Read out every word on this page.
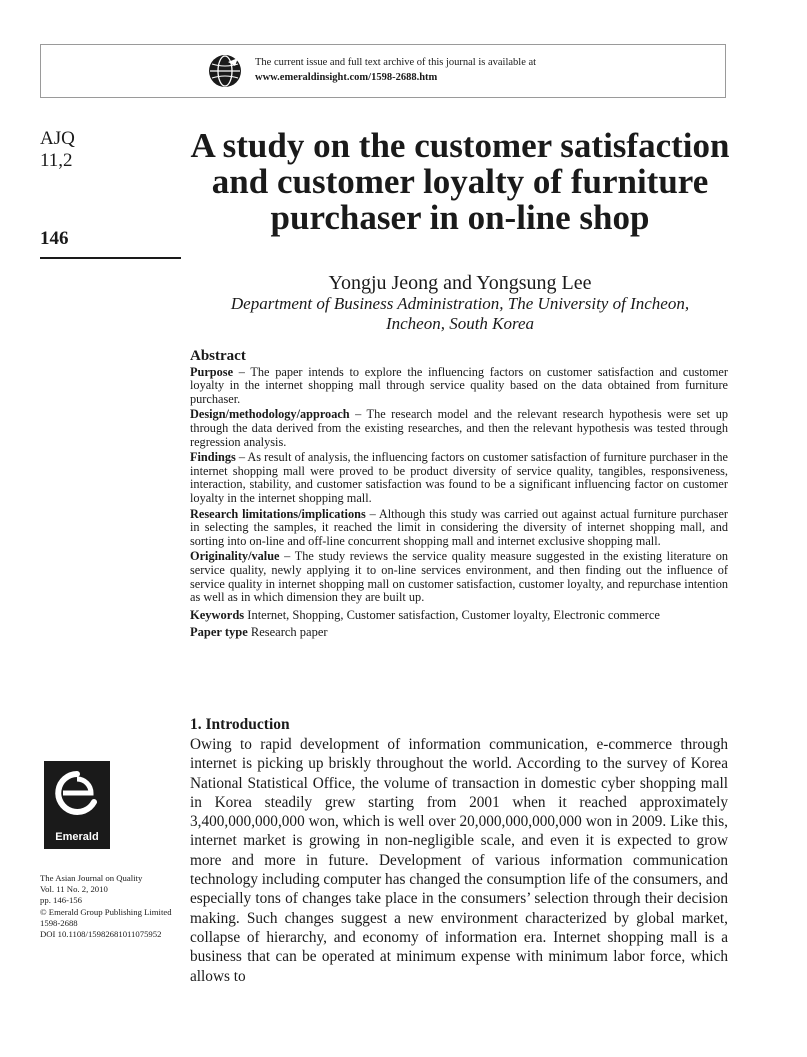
The current issue and full text archive of this journal is available at
www.emeraldinsight.com/1598-2688.htm
AJQ
11,2
146
A study on the customer satisfaction and customer loyalty of furniture purchaser in on-line shop
Yongju Jeong and Yongsung Lee
Department of Business Administration, The University of Incheon,
Incheon, South Korea
Abstract

Purpose – The paper intends to explore the influencing factors on customer satisfaction and customer loyalty in the internet shopping mall through service quality based on the data obtained from furniture purchaser.

Design/methodology/approach – The research model and the relevant research hypothesis were set up through the data derived from the existing researches, and then the relevant hypothesis was tested through regression analysis.

Findings – As result of analysis, the influencing factors on customer satisfaction of furniture purchaser in the internet shopping mall were proved to be product diversity of service quality, tangibles, responsiveness, interaction, stability, and customer satisfaction was found to be a significant influencing factor on customer loyalty in the internet shopping mall.

Research limitations/implications – Although this study was carried out against actual furniture purchaser in selecting the samples, it reached the limit in considering the diversity of internet shopping mall, and sorting into on-line and off-line concurrent shopping mall and internet exclusive shopping mall.

Originality/value – The study reviews the service quality measure suggested in the existing literature on service quality, newly applying it to on-line services environment, and then finding out the influence of service quality in internet shopping mall on customer satisfaction, customer loyalty, and repurchase intention as well as in which dimension they are built up.

Keywords Internet, Shopping, Customer satisfaction, Customer loyalty, Electronic commerce

Paper type Research paper

1. Introduction

Owing to rapid development of information communication, e-commerce through internet is picking up briskly throughout the world. According to the survey of Korea National Statistical Office, the volume of transaction in domestic cyber shopping mall in Korea steadily grew starting from 2001 when it reached approximately 3,400,000,000,000 won, which is well over 20,000,000,000,000 won in 2009. Like this, internet market is growing in non-negligible scale, and even it is expected to grow more and more in future. Development of various information communication technology including computer has changed the consumption life of the consumers, and especially tons of changes take place in the consumers’ selection through their decision making. Such changes suggest a new environment characterized by global market, collapse of hierarchy, and economy of information era. Internet shopping mall is a business that can be operated at minimum expense with minimum labor force, which allows to

Emerald
The Asian Journal on Quality
Vol. 11 No. 2, 2010
pp. 146-156
© Emerald Group Publishing Limited
1598-2688
DOI 10.1108/15982681011075952
